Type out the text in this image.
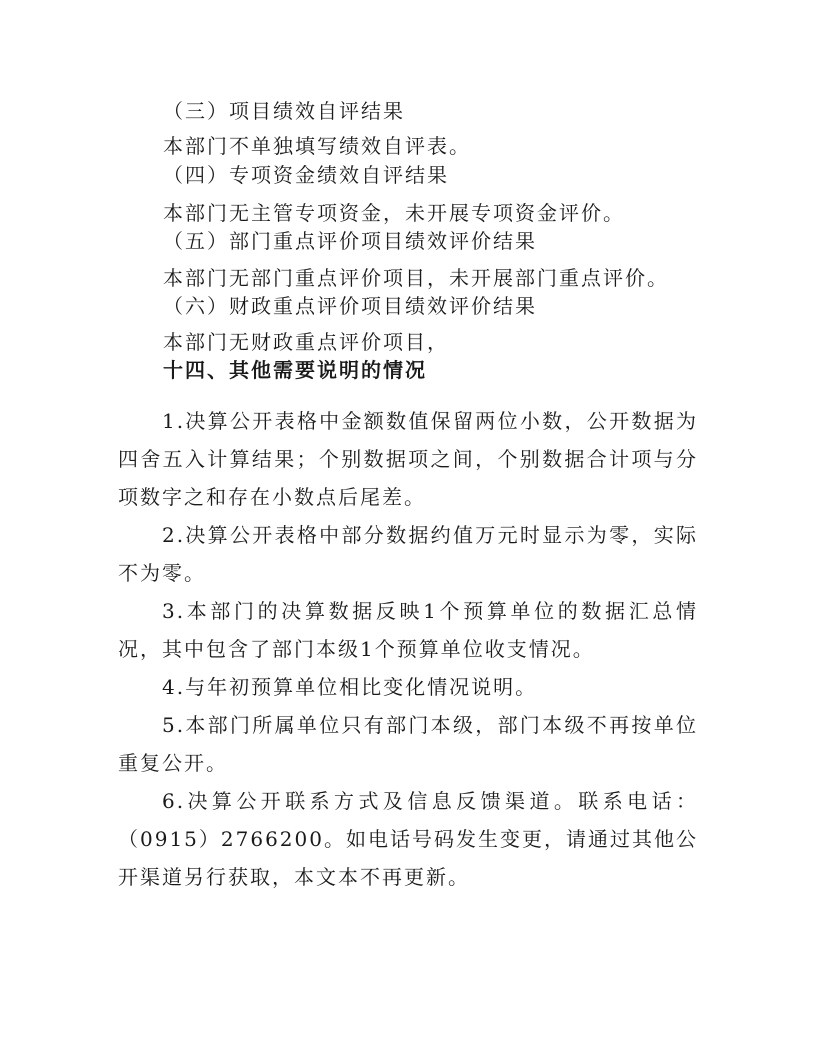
（三）项目绩效自评结果
本部门不单独填写绩效自评表。
（四）专项资金绩效自评结果
本部门无主管专项资金，未开展专项资金评价。
（五）部门重点评价项目绩效评价结果
本部门无部门重点评价项目，未开展部门重点评价。
（六）财政重点评价项目绩效评价结果
本部门无财政重点评价项目，
十四、其他需要说明的情况
1.决算公开表格中金额数值保留两位小数，公开数据为四舍五入计算结果；个别数据项之间，个别数据合计项与分项数字之和存在小数点后尾差。
2.决算公开表格中部分数据约值万元时显示为零，实际不为零。
3.本部门的决算数据反映1个预算单位的数据汇总情况，其中包含了部门本级1个预算单位收支情况。
4.与年初预算单位相比变化情况说明。
5.本部门所属单位只有部门本级，部门本级不再按单位重复公开。
6.决算公开联系方式及信息反馈渠道。联系电话：（0915）2766200。如电话号码发生变更，请通过其他公开渠道另行获取，本文本不再更新。
